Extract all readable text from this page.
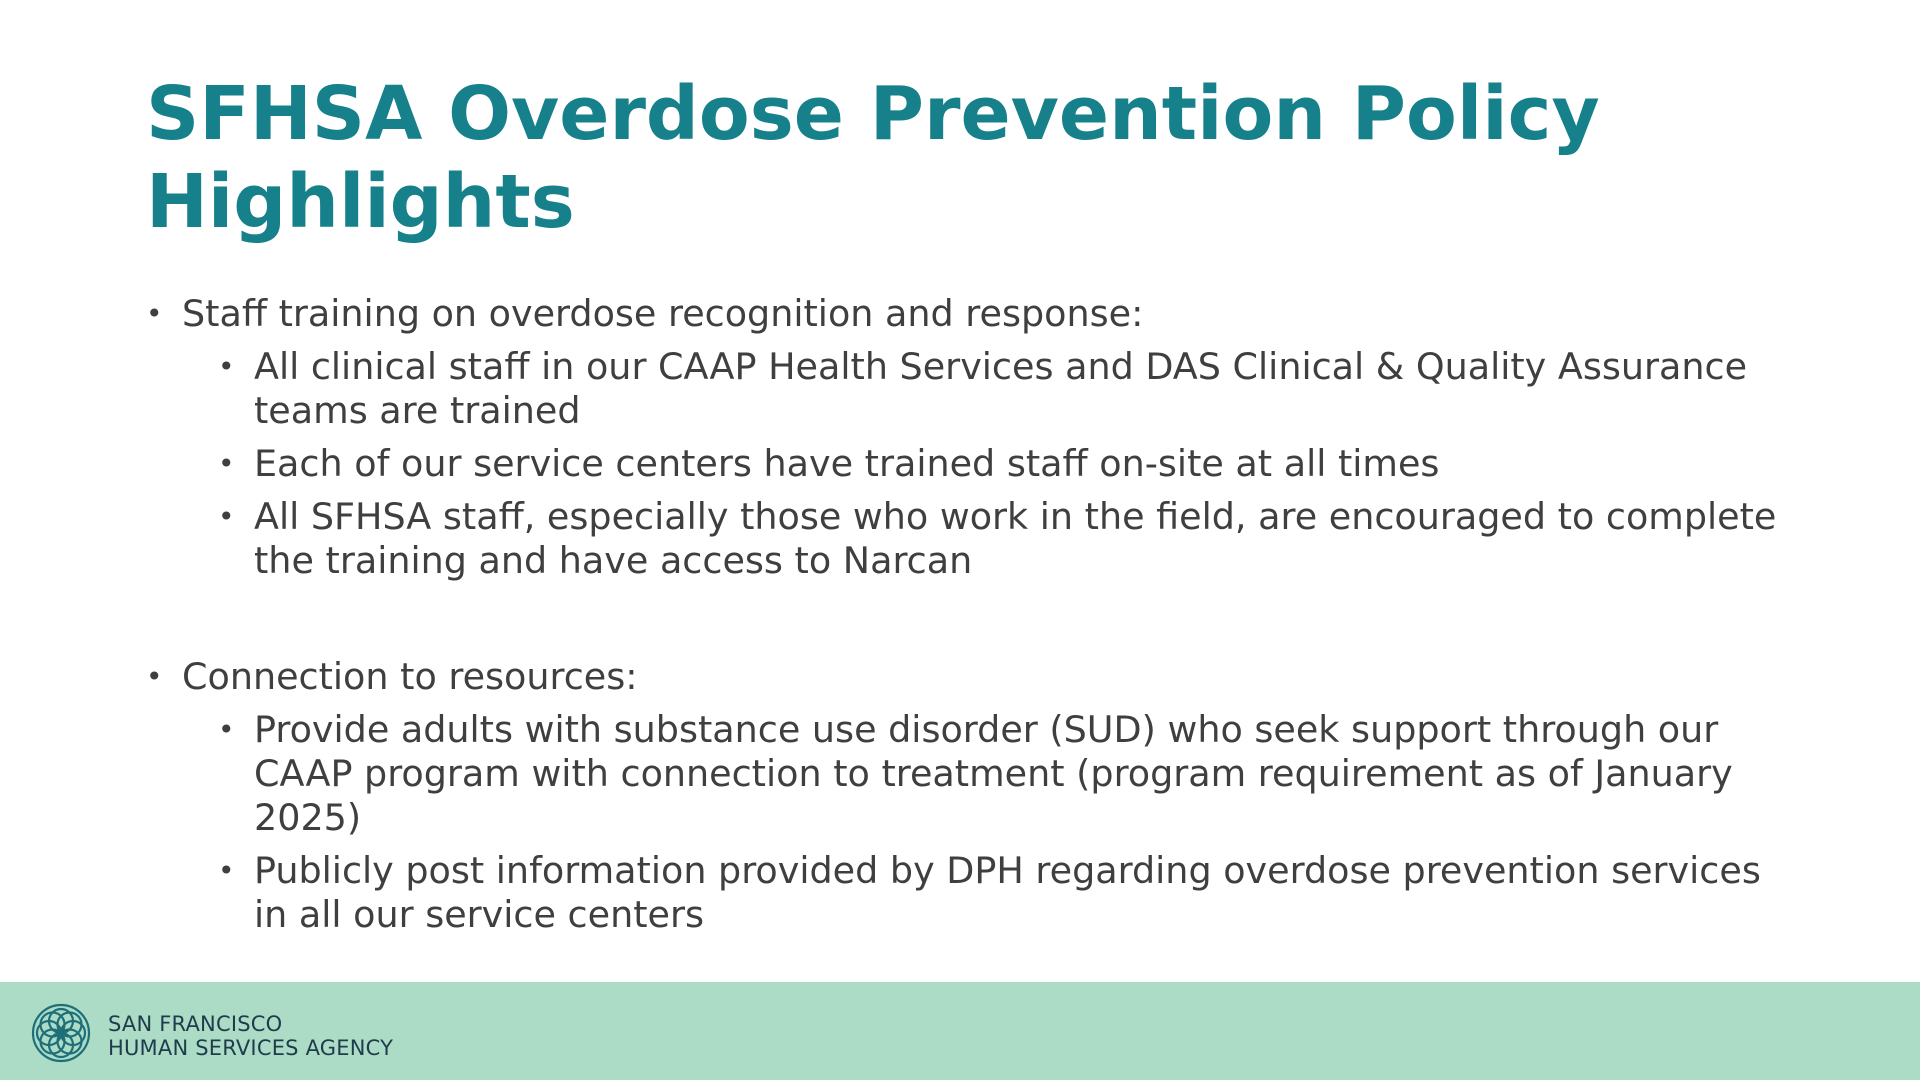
SFHSA Overdose Prevention Policy
Highlights

• Staff training on overdose recognition and response:

• All clinical staff in our CAAP Health Services and DAS Clinical & Quality Assurance teams are trained

• Each of our service centers have trained staff on-site at all times

• All SFHSA staff, especially those who work in the field, are encouraged to complete the training and have access to Narcan

• Connection to resources:

• Provide adults with substance use disorder (SUD) who seek support through our CAAP program with connection to treatment (program requirement as of January 2025)

• Publicly post information provided by DPH regarding overdose prevention services in all our service centers

SAN FRANCISCO
HUMAN SERVICES AGENCY
